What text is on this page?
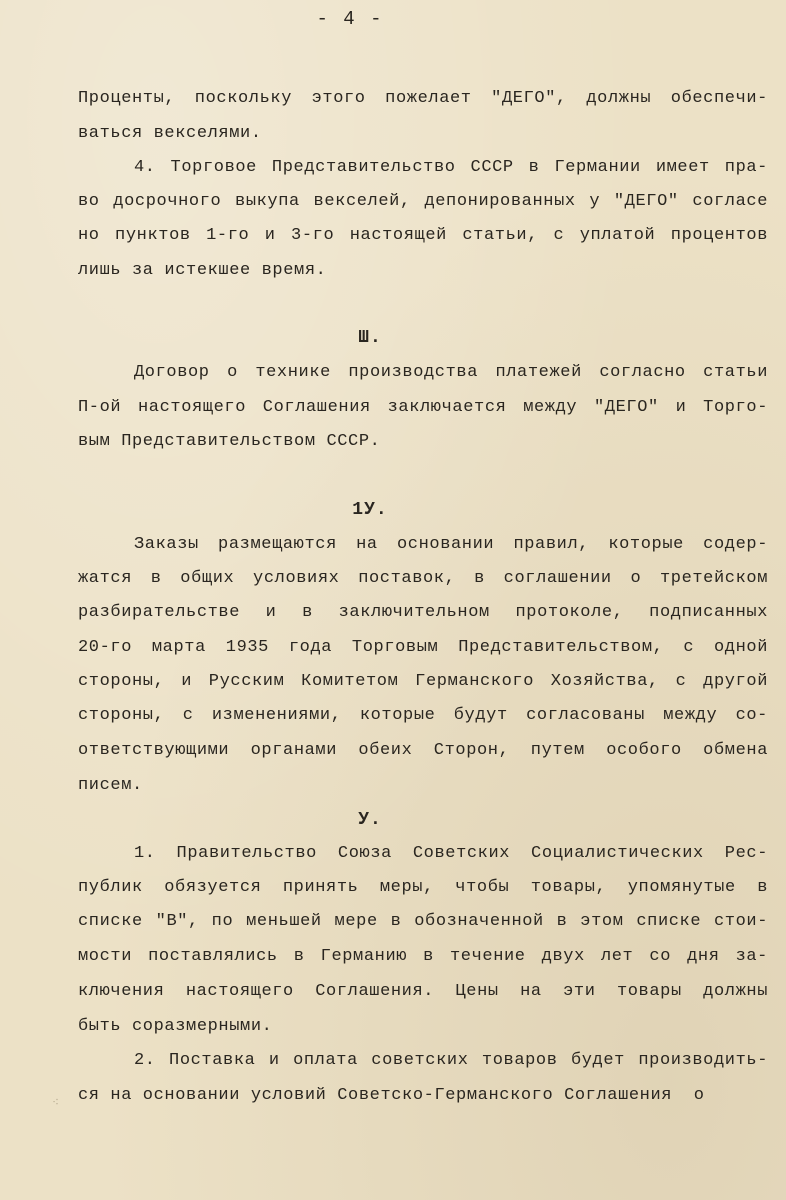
- 4 -
Проценты, поскольку этого пожелает "ДЕГО", должны обеспечи-
ваться векселями.
4. Торговое Представительство СССР в Германии имеет пра-
во досрочного выкупа векселей, депонированных у "ДЕГО" согласе
но пунктов 1-го и 3-го настоящей статьи, с уплатой процентов
лишь за истекшее время.
Ш.
Договор о технике производства платежей согласно статьи
П-ой настоящего Соглашения заключается между "ДЕГО" и Торго-
вым Представительством СССР.
1У.
Заказы размещаются на основании правил, которые содер-
жатся в общих условиях поставок, в соглашении о третейском
разбирательстве и в заключительном протоколе, подписанных
20-го марта 1935 года Торговым Представительством, с одной
стороны, и Русским Комитетом Германского Хозяйства, с другой
стороны, с изменениями, которые будут согласованы между со-
ответствующими органами обеих Сторон, путем особого обмена
писем.
У.
1. Правительство Союза Советских Социалистических Рес-
публик обязуется принять меры, чтобы товары, упомянутые в
списке "В", по меньшей мере в обозначенной в этом списке стои-
мости поставлялись в Германию в течение двух лет со дня за-
ключения настоящего Соглашения. Цены на эти товары должны
быть соразмерными.
2. Поставка и оплата советских товаров будет производить-
ся на основании условий Советско-Германского Соглашения  о
⁖
